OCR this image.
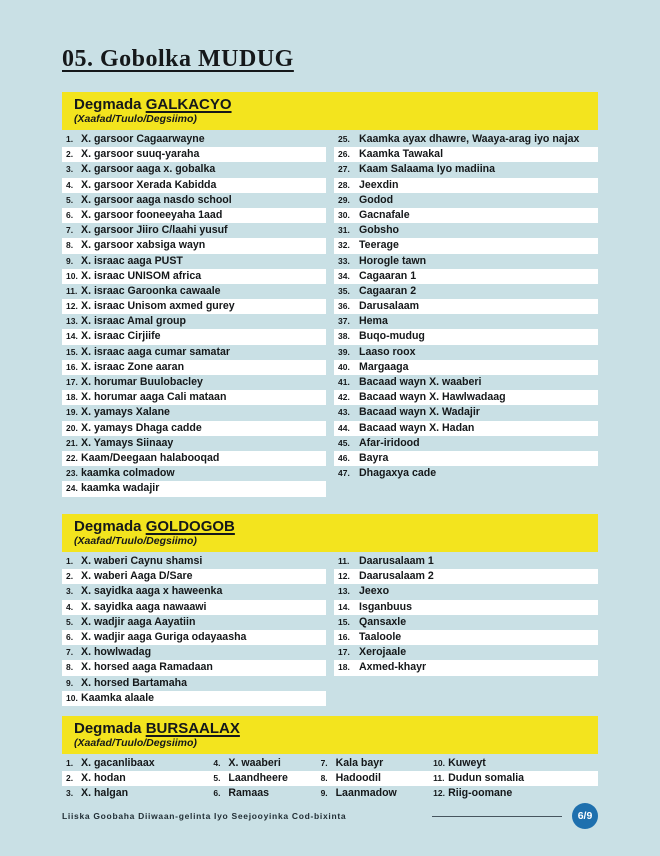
05. Gobolka MUDUG
Degmada GALKACYO
(Xaafad/Tuulo/Degsiimo)
1. X. garsoor Cagaarwayne
2. X. garsoor suuq-yaraha
3. X. garsoor aaga x. gobalka
4. X. garsoor Xerada Kabidda
5. X. garsoor aaga nasdo school
6. X. garsoor fooneeyaha 1aad
7. X. garsoor Jiiro C/laahi yusuf
8. X. garsoor xabsiga wayn
9. X. israac aaga PUST
10. X. israac UNISOM africa
11. X. israac Garoonka cawaale
12. X. israac Unisom axmed gurey
13. X. israac Amal group
14. X. israac Cirjiife
15. X. israac aaga cumar samatar
16. X. israac Zone aaran
17. X. horumar Buulobacley
18. X. horumar aaga Cali mataan
19. X. yamays Xalane
20. X. yamays Dhaga cadde
21. X. Yamays Siinaay
22. Kaam/Deegaan halabooqad
23. kaamka colmadow
24. kaamka wadajir
25. Kaamka ayax dhawre, Waaya-arag iyo najax
26. Kaamka Tawakal
27. Kaam Salaama Iyo madiina
28. Jeexdin
29. Godod
30. Gacnafale
31. Gobsho
32. Teerage
33. Horogle tawn
34. Cagaaran 1
35. Cagaaran 2
36. Darusalaam
37. Hema
38. Buqo-mudug
39. Laaso roox
40. Margaaga
41. Bacaad wayn X. waaberi
42. Bacaad wayn X. Hawlwadaag
43. Bacaad wayn X. Wadajir
44. Bacaad wayn X. Hadan
45. Afar-iridood
46. Bayra
47. Dhagaxya cade
Degmada GOLDOGOB
(Xaafad/Tuulo/Degsiimo)
1. X. waberi Caynu shamsi
2. X. waberi Aaga D/Sare
3. X. sayidka aaga x haweenka
4. X. sayidka aaga nawaawi
5. X. wadjir aaga Aayatiin
6. X. wadjir aaga Guriga odayaasha
7. X. howlwadag
8. X. horsed aaga Ramadaan
9. X. horsed Bartamaha
10. Kaamka alaale
11. Daarusalaam 1
12. Daarusalaam 2
13. Jeexo
14. Isganbuus
15. Qansaxle
16. Taaloole
17. Xerojaale
18. Axmed-khayr
Degmada BURSAALAX
(Xaafad/Tuulo/Degsiimo)
1. X. gacanlibaax	4. X. waaberi	7. Kala bayr	10. Kuweyt
2. X. hodan	5. Laandheere	8. Hadoodil	11. Dudun somalia
3. X. halgan	6. Ramaas	9. Laanmadow	12. Riig-oomane
Liiska Goobaha Diiwaan-gelinta Iyo Seejooyinka Cod-bixinta	6/9
